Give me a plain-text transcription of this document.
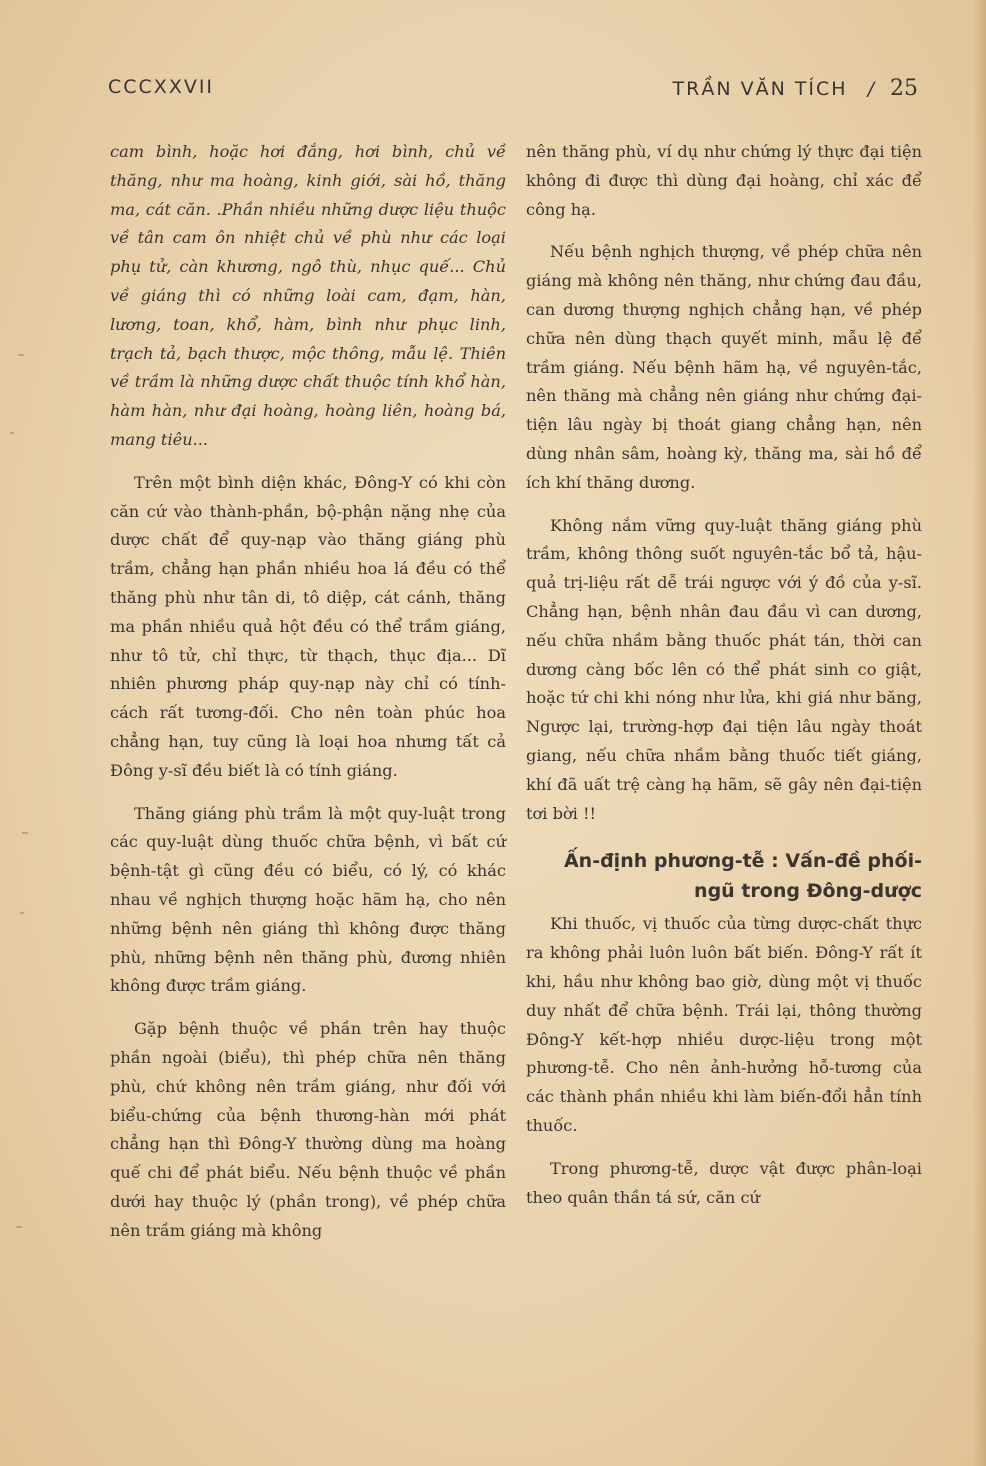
CCCXXVII	TRẦN VĂN TÍCH / 25

cam bình, hoặc hơi đắng, hơi bình, chủ về thăng, như ma hoàng, kinh giới, sài hồ, thăng ma, cát căn. .Phần nhiều những dược liệu thuộc về tân cam ôn nhiệt chủ về phù như các loại phụ tử, càn khương, ngô thù, nhục quế... Chủ về giáng thì có những loài cam, đạm, hàn, lương, toan, khổ, hàm, bình như phục linh, trạch tả, bạch thược, mộc thông, mẫu lệ. Thiên về trầm là những dược chất thuộc tính khổ hàn, hàm hàn, như đại hoàng, hoàng liên, hoàng bá, mang tiêu...

Trên một bình diện khác, Đông-Y có khi còn căn cứ vào thành-phần, bộ-phận nặng nhẹ của dược chất để quy-nạp vào thăng giáng phù trầm, chẳng hạn phần nhiều hoa lá đều có thể thăng phù như tân di, tô diệp, cát cánh, thăng ma phần nhiều quả hột đều có thể trầm giáng, như tô tử, chỉ thực, từ thạch, thục địa... Dĩ nhiên phương pháp quy-nạp này chỉ có tính-cách rất tương-đối. Cho nên toàn phúc hoa chẳng hạn, tuy cũng là loại hoa nhưng tất cả Đông y-sĩ đều biết là có tính giáng.

Thăng giáng phù trầm là một quy-luật trong các quy-luật dùng thuốc chữa bệnh, vì bất cứ bệnh-tật gì cũng đều có biểu, có lý, có khác nhau về nghịch thượng hoặc hãm hạ, cho nên những bệnh nên giáng thì không được thăng phù, những bệnh nên thăng phù, đương nhiên không được trầm giáng.

Gặp bệnh thuộc về phần trên hay thuộc phần ngoài (biểu), thì phép chữa nên thăng phù, chứ không nên trầm giáng, như đối với biểu-chứng của bệnh thương-hàn mới phát chẳng hạn thì Đông-Y thường dùng ma hoàng quế chi để phát biểu. Nếu bệnh thuộc về phần dưới hay thuộc lý (phần trong), về phép chữa nên trầm giáng mà không

nên thăng phù, ví dụ như chứng lý thực đại tiện không đi được thì dùng đại hoàng, chỉ xác để công hạ.

Nếu bệnh nghịch thượng, về phép chữa nên giáng mà không nên thăng, như chứng đau đầu, can dương thượng nghịch chẳng hạn, về phép chữa nên dùng thạch quyết minh, mẫu lệ để trầm giáng. Nếu bệnh hãm hạ, về nguyên-tắc, nên thăng mà chẳng nên giáng như chứng đại-tiện lâu ngày bị thoát giang chẳng hạn, nên dùng nhân sâm, hoàng kỳ, thăng ma, sài hồ để ích khí thăng dương.

Không nắm vững quy-luật thăng giáng phù trầm, không thông suốt nguyên-tắc bổ tả, hậu-quả trị-liệu rất dễ trái ngược với ý đồ của y-sĩ. Chẳng hạn, bệnh nhân đau đầu vì can dương, nếu chữa nhầm bằng thuốc phát tán, thời can dương càng bốc lên có thể phát sinh co giật, hoặc tứ chi khi nóng như lửa, khi giá như băng, Ngược lại, trường-hợp đại tiện lâu ngày thoát giang, nếu chữa nhầm bằng thuốc tiết giáng, khí đã uất trệ càng hạ hãm, sẽ gây nên đại-tiện tơi bời !!

Ấn-định phương-tễ : Vấn-đề phối-ngũ trong Đông-dược

Khi thuốc, vị thuốc của từng dược-chất thực ra không phải luôn luôn bất biến. Đông-Y rất ít khi, hầu như không bao giờ, dùng một vị thuốc duy nhất để chữa bệnh. Trái lại, thông thường Đông-Y kết-hợp nhiều dược-liệu trong một phương-tễ. Cho nên ảnh-hưởng hỗ-tương của các thành phần nhiều khi làm biến-đổi hẳn tính thuốc.

Trong phương-tễ, dược vật được phân-loại theo quân thần tá sứ, căn cứ
